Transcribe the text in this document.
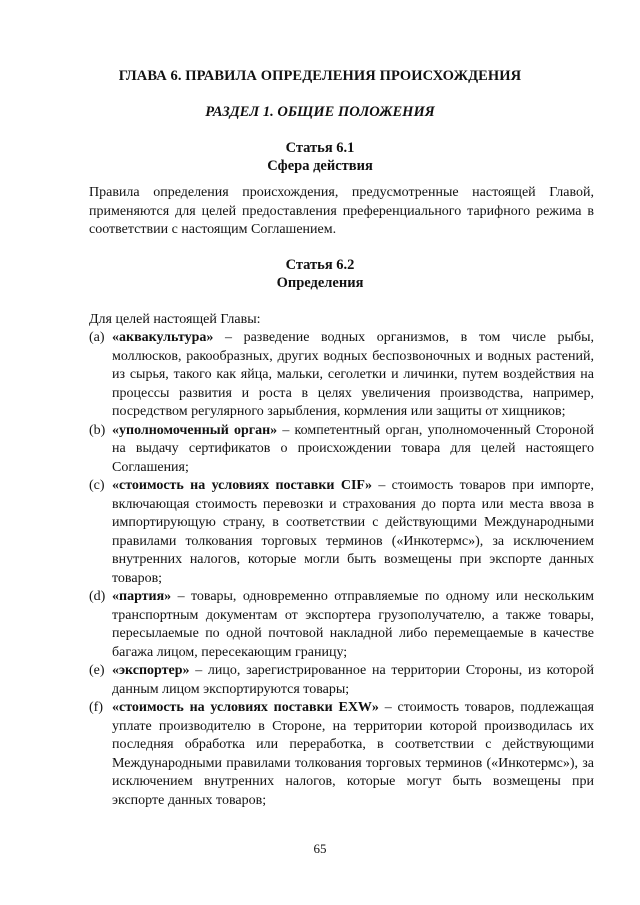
ГЛАВА 6. ПРАВИЛА ОПРЕДЕЛЕНИЯ ПРОИСХОЖДЕНИЯ
РАЗДЕЛ 1. ОБЩИЕ ПОЛОЖЕНИЯ
Статья 6.1
Сфера действия

Правила определения происхождения, предусмотренные настоящей Главой, применяются для целей предоставления преференциального тарифного режима в соответствии с настоящим Соглашением.

Статья 6.2
Определения

Для целей настоящей Главы:

(a) «аквакультура» – разведение водных организмов, в том числе рыбы, моллюсков, ракообразных, других водных беспозвоночных и водных растений, из сырья, такого как яйца, мальки, сеголетки и личинки, путем воздействия на процессы развития и роста в целях увеличения производства, например, посредством регулярного зарыбления, кормления или защиты от хищников;
(b) «уполномоченный орган» – компетентный орган, уполномоченный Стороной на выдачу сертификатов о происхождении товара для целей настоящего Соглашения;
(c) «стоимость на условиях поставки CIF» – стоимость товаров при импорте, включающая стоимость перевозки и страхования до порта или места ввоза в импортирующую страну, в соответствии с действующими Международными правилами толкования торговых терминов («Инкотермс»), за исключением внутренних налогов, которые могли быть возмещены при экспорте данных товаров;
(d) «партия» – товары, одновременно отправляемые по одному или нескольким транспортным документам от экспортера грузополучателю, а также товары, пересылаемые по одной почтовой накладной либо перемещаемые в качестве багажа лицом, пересекающим границу;
(e) «экспортер» – лицо, зарегистрированное на территории Стороны, из которой данным лицом экспортируются товары;
(f) «стоимость на условиях поставки EXW» – стоимость товаров, подлежащая уплате производителю в Стороне, на территории которой производилась их последняя обработка или переработка, в соответствии с действующими Международными правилами толкования торговых терминов («Инкотермс»), за исключением внутренних налогов, которые могут быть возмещены при экспорте данных товаров;
65
